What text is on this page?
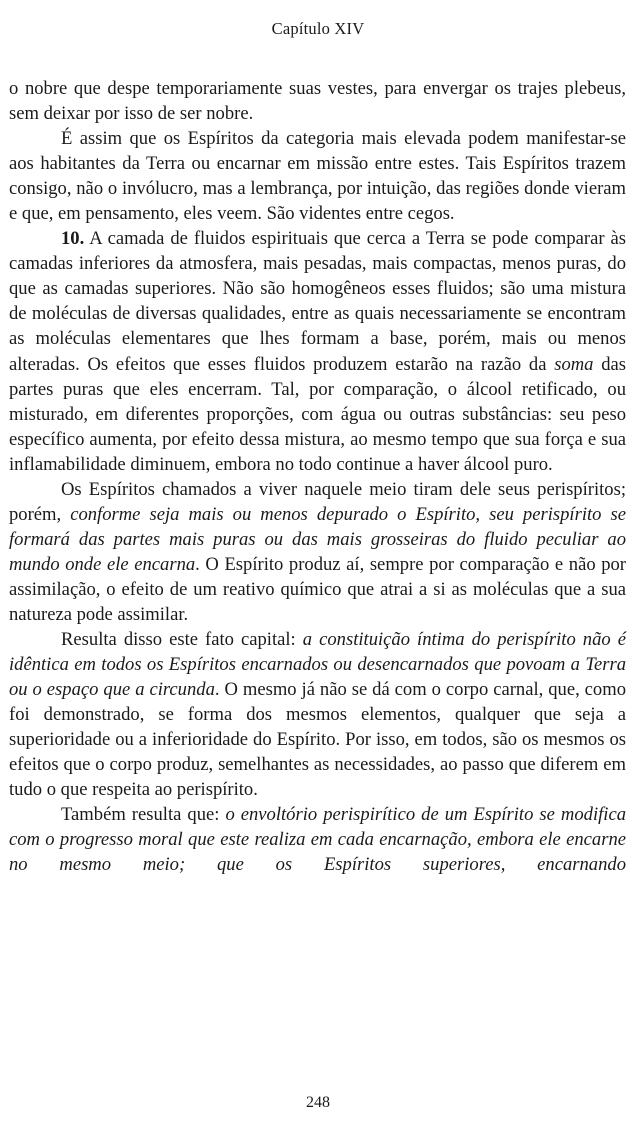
Capítulo XIV

o nobre que despe temporariamente suas vestes, para envergar os trajes plebeus, sem deixar por isso de ser nobre.

É assim que os Espíritos da categoria mais elevada podem manifestar-se aos habitantes da Terra ou encarnar em missão entre estes. Tais Espíritos trazem consigo, não o invólucro, mas a lembrança, por intuição, das regiões donde vieram e que, em pensamento, eles veem. São videntes entre cegos.

10. A camada de fluidos espirituais que cerca a Terra se pode comparar às camadas inferiores da atmosfera, mais pesadas, mais compactas, menos puras, do que as camadas superiores. Não são homogêneos esses fluidos; são uma mistura de moléculas de diversas qualidades, entre as quais necessariamente se encontram as moléculas elementares que lhes formam a base, porém, mais ou menos alteradas. Os efeitos que esses fluidos produzem estarão na razão da soma das partes puras que eles encerram. Tal, por comparação, o álcool retificado, ou misturado, em diferentes proporções, com água ou outras substâncias: seu peso específico aumenta, por efeito dessa mistura, ao mesmo tempo que sua força e sua inflamabilidade diminuem, embora no todo continue a haver álcool puro.

Os Espíritos chamados a viver naquele meio tiram dele seus perispíritos; porém, conforme seja mais ou menos depurado o Espírito, seu perispírito se formará das partes mais puras ou das mais grosseiras do fluido peculiar ao mundo onde ele encarna. O Espírito produz aí, sempre por comparação e não por assimilação, o efeito de um reativo químico que atrai a si as moléculas que a sua natureza pode assimilar.

Resulta disso este fato capital: a constituição íntima do perispírito não é idêntica em todos os Espíritos encarnados ou desencarnados que povoam a Terra ou o espaço que a circunda. O mesmo já não se dá com o corpo carnal, que, como foi demonstrado, se forma dos mesmos elementos, qualquer que seja a superioridade ou a inferioridade do Espírito. Por isso, em todos, são os mesmos os efeitos que o corpo produz, semelhantes as necessidades, ao passo que diferem em tudo o que respeita ao perispírito.

Também resulta que: o envoltório perispirítico de um Espírito se modifica com o progresso moral que este realiza em cada encarnação, embora ele encarne no mesmo meio; que os Espíritos superiores, encarnando

248
